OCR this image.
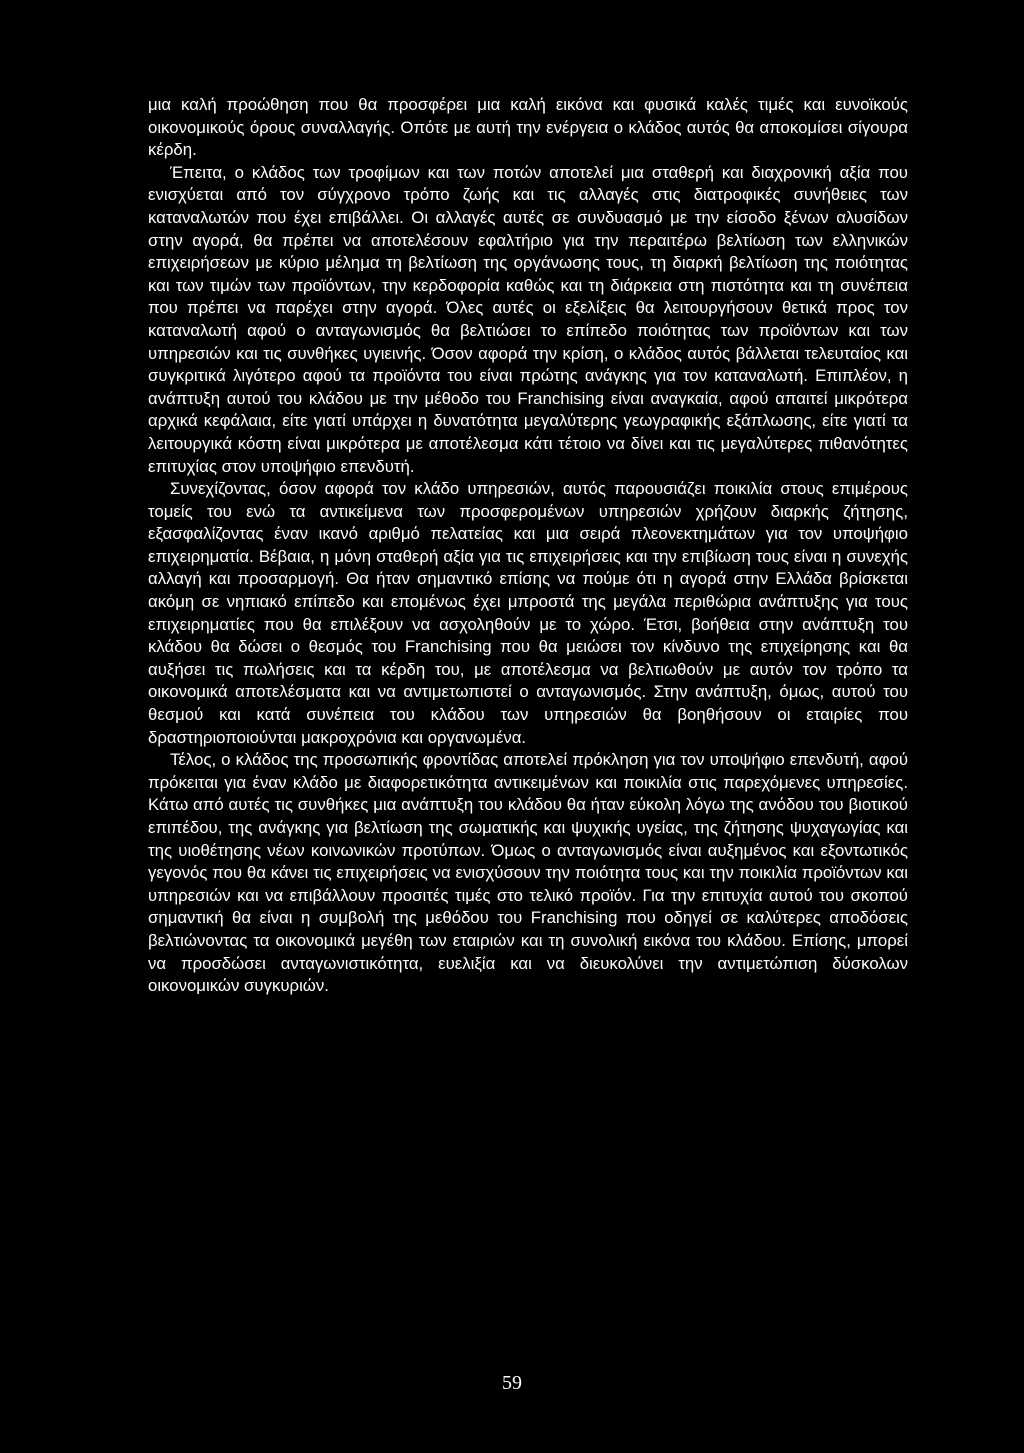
μια καλή προώθηση που θα προσφέρει μια καλή εικόνα και φυσικά καλές τιμές και ευνοϊκούς οικονομικούς όρους συναλλαγής. Οπότε με αυτή την ενέργεια ο κλάδος αυτός θα αποκομίσει σίγουρα κέρδη.

Έπειτα, ο κλάδος των τροφίμων και των ποτών αποτελεί μια σταθερή και διαχρονική αξία που ενισχύεται από τον σύγχρονο τρόπο ζωής και τις αλλαγές στις διατροφικές συνήθειες των καταναλωτών που έχει επιβάλλει. Οι αλλαγές αυτές σε συνδυασμό με την είσοδο ξένων αλυσίδων στην αγορά, θα πρέπει να αποτελέσουν εφαλτήριο για την περαιτέρω βελτίωση των ελληνικών επιχειρήσεων με κύριο μέλημα τη βελτίωση της οργάνωσης τους, τη διαρκή βελτίωση της ποιότητας και των τιμών των προϊόντων, την κερδοφορία καθώς και τη διάρκεια στη πιστότητα και τη συνέπεια που πρέπει να παρέχει στην αγορά. Όλες αυτές οι εξελίξεις θα λειτουργήσουν θετικά προς τον καταναλωτή αφού ο ανταγωνισμός θα βελτιώσει το επίπεδο ποιότητας των προϊόντων και των υπηρεσιών και τις συνθήκες υγιεινής. Όσον αφορά την κρίση, ο κλάδος αυτός βάλλεται τελευταίος και συγκριτικά λιγότερο αφού τα προϊόντα του είναι πρώτης ανάγκης για τον καταναλωτή. Επιπλέον, η ανάπτυξη αυτού του κλάδου με την μέθοδο του Franchising είναι αναγκαία, αφού απαιτεί μικρότερα αρχικά κεφάλαια, είτε γιατί υπάρχει η δυνατότητα μεγαλύτερης γεωγραφικής εξάπλωσης, είτε γιατί τα λειτουργικά κόστη είναι μικρότερα με αποτέλεσμα κάτι τέτοιο να δίνει και τις μεγαλύτερες πιθανότητες επιτυχίας στον υποψήφιο επενδυτή.

Συνεχίζοντας, όσον αφορά τον κλάδο υπηρεσιών, αυτός παρουσιάζει ποικιλία στους επιμέρους τομείς του ενώ τα αντικείμενα των προσφερομένων υπηρεσιών χρήζουν διαρκής ζήτησης, εξασφαλίζοντας έναν ικανό αριθμό πελατείας και μια σειρά πλεονεκτημάτων για τον υποψήφιο επιχειρηματία. Βέβαια, η μόνη σταθερή αξία για τις επιχειρήσεις και την επιβίωση τους είναι η συνεχής αλλαγή και προσαρμογή. Θα ήταν σημαντικό επίσης να πούμε ότι η αγορά στην Ελλάδα βρίσκεται ακόμη σε νηπιακό επίπεδο και επομένως έχει μπροστά της μεγάλα περιθώρια ανάπτυξης για τους επιχειρηματίες που θα επιλέξουν να ασχοληθούν με το χώρο. Έτσι, βοήθεια στην ανάπτυξη του κλάδου θα δώσει ο θεσμός του Franchising που θα μειώσει τον κίνδυνο της επιχείρησης και θα αυξήσει τις πωλήσεις και τα κέρδη του, με αποτέλεσμα να βελτιωθούν με αυτόν τον τρόπο τα οικονομικά αποτελέσματα και να αντιμετωπιστεί ο ανταγωνισμός. Στην ανάπτυξη, όμως, αυτού του θεσμού και κατά συνέπεια του κλάδου των υπηρεσιών θα βοηθήσουν οι εταιρίες που δραστηριοποιούνται μακροχρόνια και οργανωμένα.

Τέλος, ο κλάδος της προσωπικής φροντίδας αποτελεί πρόκληση για τον υποψήφιο επενδυτή, αφού πρόκειται για έναν κλάδο με διαφορετικότητα αντικειμένων και ποικιλία στις παρεχόμενες υπηρεσίες. Κάτω από αυτές τις συνθήκες μια ανάπτυξη του κλάδου θα ήταν εύκολη λόγω της ανόδου του βιοτικού επιπέδου, της ανάγκης για βελτίωση της σωματικής και ψυχικής υγείας, της ζήτησης ψυχαγωγίας και της υιοθέτησης νέων κοινωνικών προτύπων. Όμως ο ανταγωνισμός είναι αυξημένος και εξοντωτικός γεγονός που θα κάνει τις επιχειρήσεις να ενισχύσουν την ποιότητα τους και την ποικιλία προϊόντων και υπηρεσιών και να επιβάλλουν προσιτές τιμές στο τελικό προϊόν. Για την επιτυχία αυτού του σκοπού σημαντική θα είναι η συμβολή της μεθόδου του Franchising που οδηγεί σε καλύτερες αποδόσεις βελτιώνοντας τα οικονομικά μεγέθη των εταιριών και τη συνολική εικόνα του κλάδου. Επίσης, μπορεί να προσδώσει ανταγωνιστικότητα, ευελιξία και να διευκολύνει την αντιμετώπιση δύσκολων οικονομικών συγκυριών.

59
